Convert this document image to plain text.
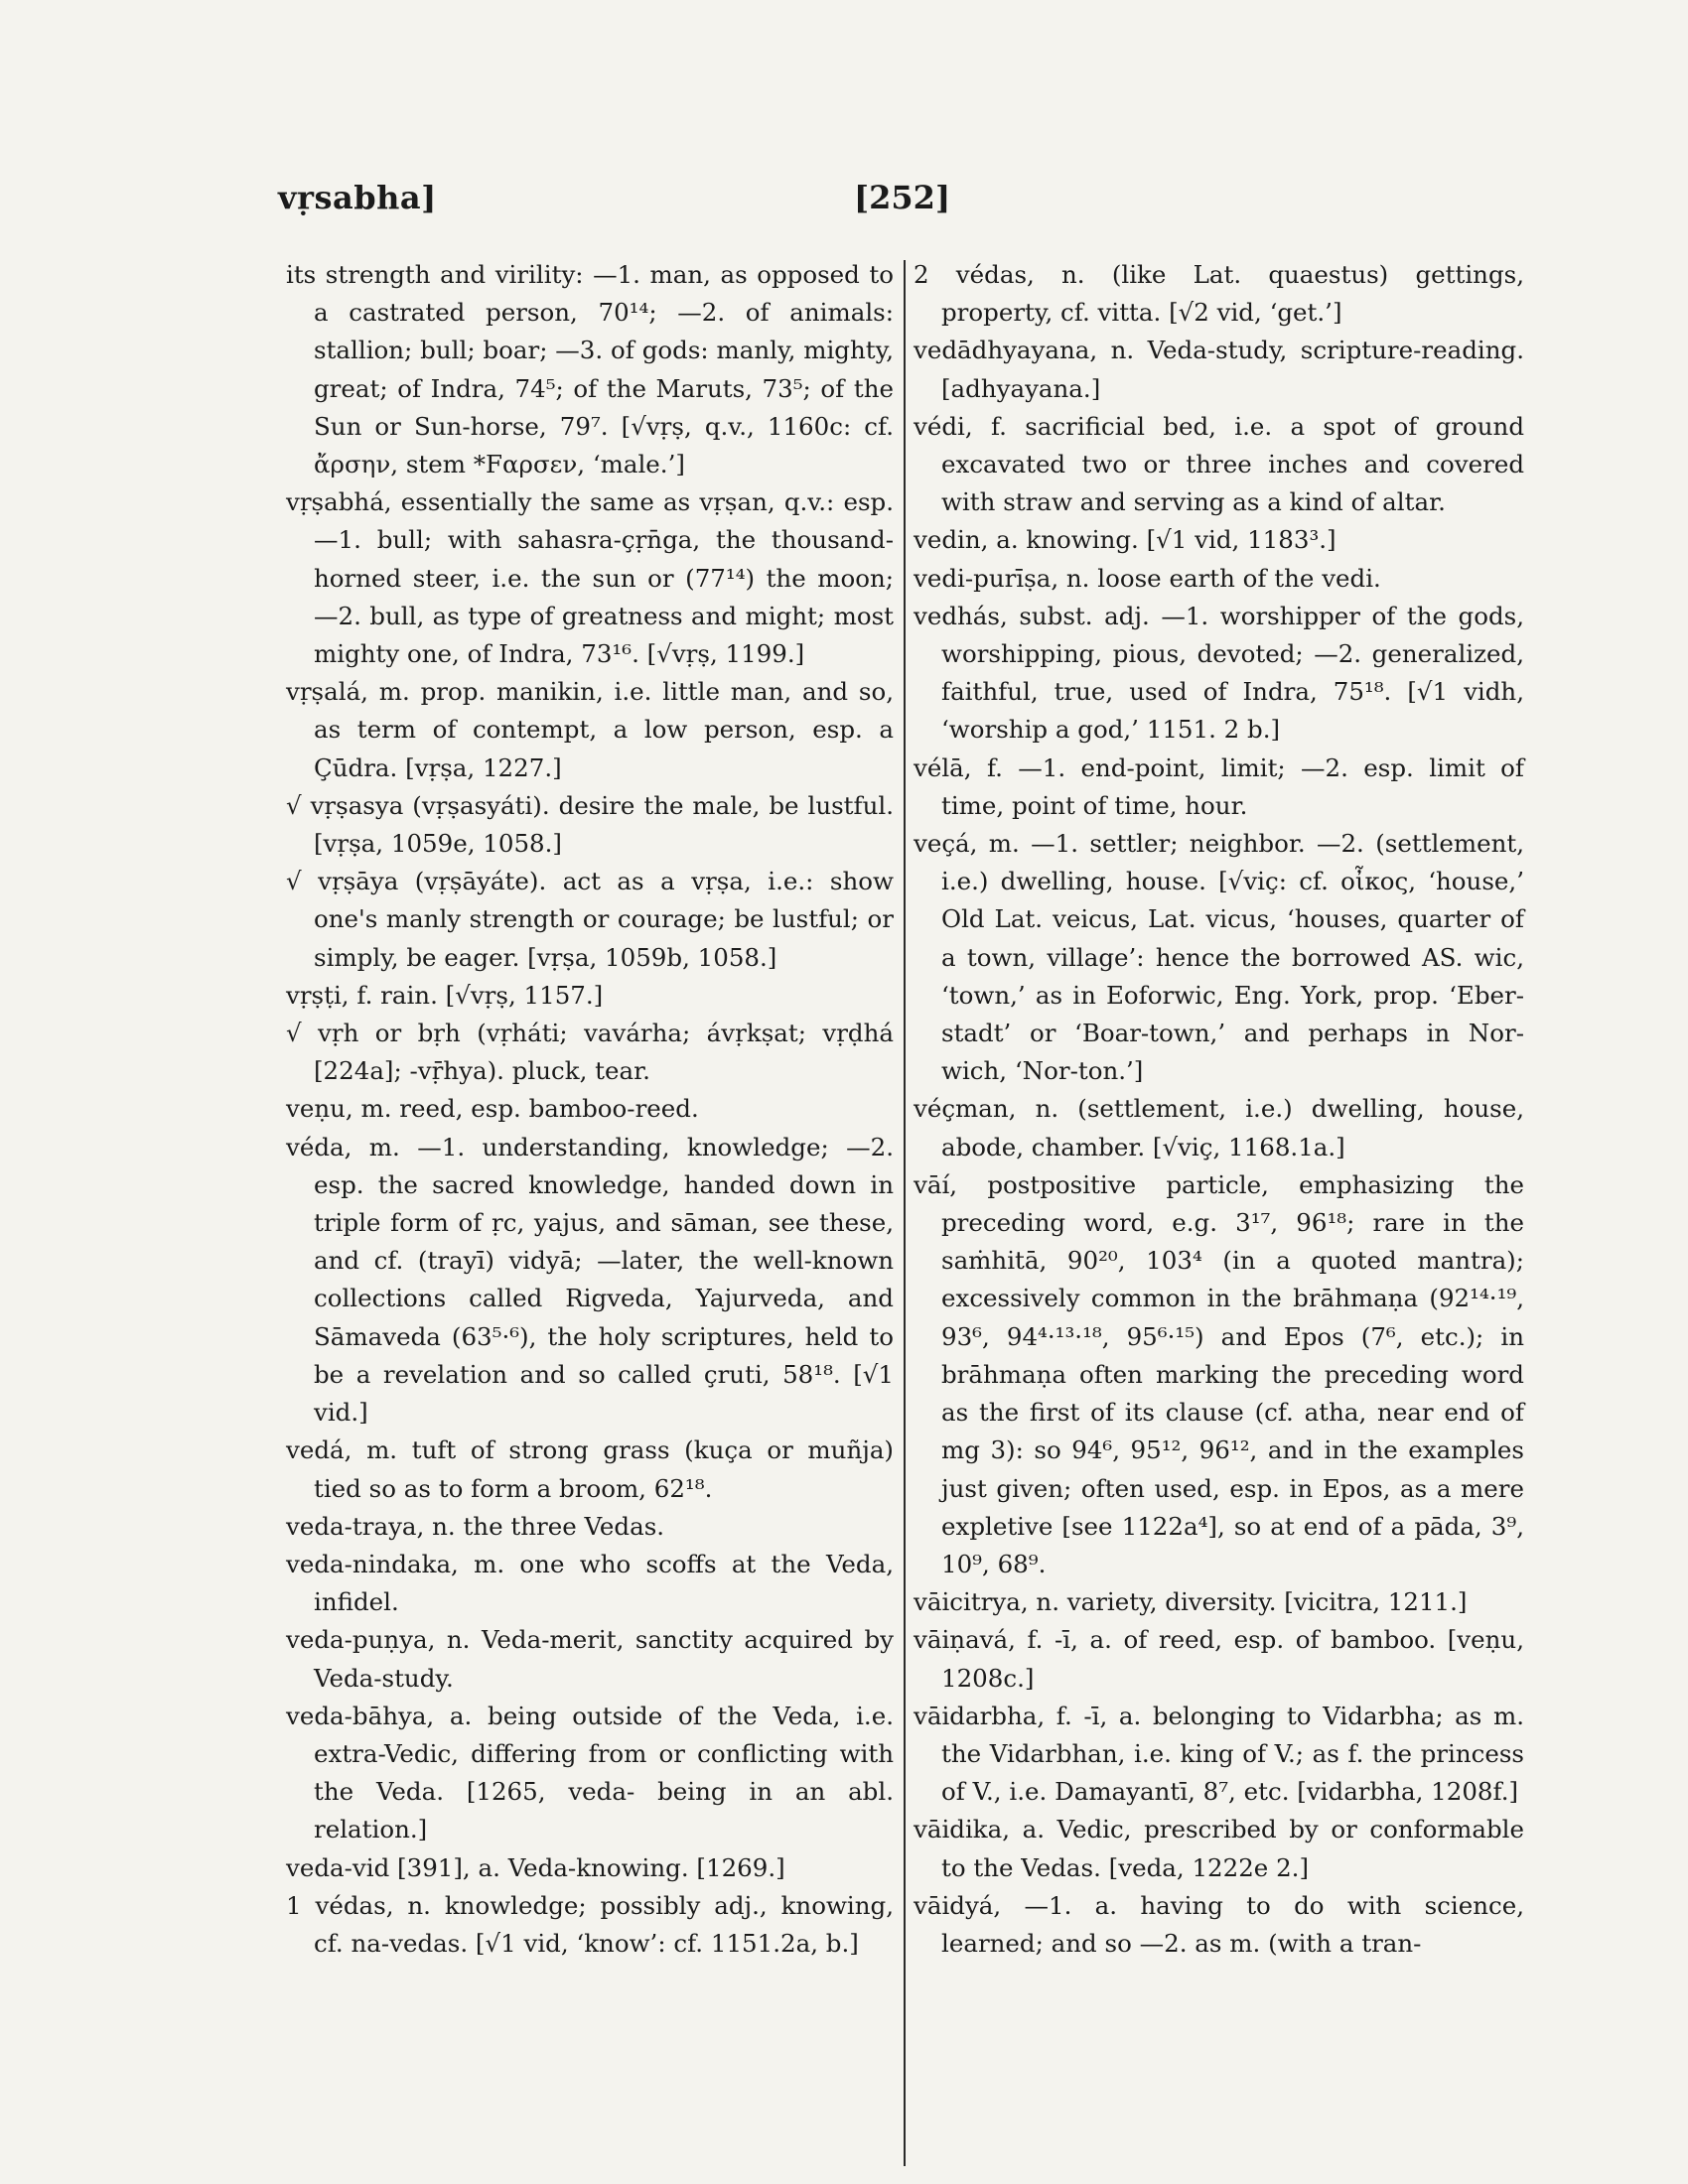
vṛsabha]	[252]
its strength and virility: —1. man, as opposed to a castrated person, 70¹⁴; —2. of animals: stallion; bull; boar; —3. of gods: manly, mighty, great; of Indra, 74⁵; of the Maruts, 73⁵; of the Sun or Sun-horse, 79⁷. [√vṛṣ, q.v., 1160c: cf. ἄρσην, stem *Fαρσεν, ‘male.’]
vṛṣabhá, essentially the same as vṛṣan, q.v.: esp. —1. bull; with sahasra-çṛn̄ga, the thousand-horned steer, i.e. the sun or (77¹⁴) the moon; —2. bull, as type of greatness and might; most mighty one, of Indra, 73¹⁶. [√vṛṣ, 1199.]
vṛṣalá, m. prop. manikin, i.e. little man, and so, as term of contempt, a low person, esp. a Çūdra. [vṛṣa, 1227.]
√ vṛṣasya (vṛṣasyáti). desire the male, be lustful. [vṛṣa, 1059e, 1058.]
√ vṛṣāya (vṛṣāyáte). act as a vṛṣa, i.e.: show one's manly strength or courage; be lustful; or simply, be eager. [vṛṣa, 1059b, 1058.]
vṛṣṭi, f. rain. [√vṛṣ, 1157.]
√ vṛh or bṛh (vṛháti; vavárha; ávṛkṣat; vṛḍhá [224a]; -vṝhya). pluck, tear.
veṇu, m. reed, esp. bamboo-reed.
véda, m. —1. understanding, knowledge; —2. esp. the sacred knowledge, handed down in triple form of ṛc, yajus, and sāman, see these, and cf. (trayī) vidyā; —later, the well-known collections called Rigveda, Yajurveda, and Sāmaveda (63⁵·⁶), the holy scriptures, held to be a revelation and so called çruti, 58¹⁸. [√1 vid.]
vedá, m. tuft of strong grass (kuça or muñja) tied so as to form a broom, 62¹⁸.
veda-traya, n. the three Vedas.
veda-nindaka, m. one who scoffs at the Veda, infidel.
veda-puṇya, n. Veda-merit, sanctity acquired by Veda-study.
veda-bāhya, a. being outside of the Veda, i.e. extra-Vedic, differing from or conflicting with the Veda. [1265, veda- being in an abl. relation.]
veda-vid [391], a. Veda-knowing. [1269.]
1 védas, n. knowledge; possibly adj., knowing, cf. na-vedas. [√1 vid, ‘know’: cf. 1151.2a, b.]
2 védas, n. (like Lat. quaestus) gettings, property, cf. vitta. [√2 vid, ‘get.’]
vedādhyayana, n. Veda-study, scripture-reading. [adhyayana.]
védi, f. sacrificial bed, i.e. a spot of ground excavated two or three inches and covered with straw and serving as a kind of altar.
vedin, a. knowing. [√1 vid, 1183³.]
vedi-purīṣa, n. loose earth of the vedi.
vedhás, subst. adj. —1. worshipper of the gods, worshipping, pious, devoted; —2. generalized, faithful, true, used of Indra, 75¹⁸. [√1 vidh, ‘worship a god,’ 1151. 2 b.]
vélā, f. —1. end-point, limit; —2. esp. limit of time, point of time, hour.
veçá, m. —1. settler; neighbor. —2. (settlement, i.e.) dwelling, house. [√viç: cf. οἶκος, ‘house,’ Old Lat. veicus, Lat. vicus, ‘houses, quarter of a town, village’: hence the borrowed AS. wic, ‘town,’ as in Eoforwic, Eng. York, prop. ‘Eber-stadt’ or ‘Boar-town,’ and perhaps in Nor-wich, ‘Nor-ton.’]
véçman, n. (settlement, i.e.) dwelling, house, abode, chamber. [√viç, 1168.1a.]
vāí, postpositive particle, emphasizing the preceding word, e.g. 3¹⁷, 96¹⁸; rare in the saṁhitā, 90²⁰, 103⁴ (in a quoted mantra); excessively common in the brāhmaṇa (92¹⁴·¹⁹, 93⁶, 94⁴·¹³·¹⁸, 95⁶·¹⁵) and Epos (7⁶, etc.); in brāhmaṇa often marking the preceding word as the first of its clause (cf. atha, near end of mg 3): so 94⁶, 95¹², 96¹², and in the examples just given; often used, esp. in Epos, as a mere expletive [see 1122a⁴], so at end of a pāda, 3⁹, 10⁹, 68⁹.
vāicitrya, n. variety, diversity. [vicitra, 1211.]
vāiṇavá, f. -ī, a. of reed, esp. of bamboo. [veṇu, 1208c.]
vāidarbha, f. -ī, a. belonging to Vidarbha; as m. the Vidarbhan, i.e. king of V.; as f. the princess of V., i.e. Damayantī, 8⁷, etc. [vidarbha, 1208f.]
vāidika, a. Vedic, prescribed by or conformable to the Vedas. [veda, 1222e 2.]
vāidyá, —1. a. having to do with science, learned; and so —2. as m. (with a tran-
